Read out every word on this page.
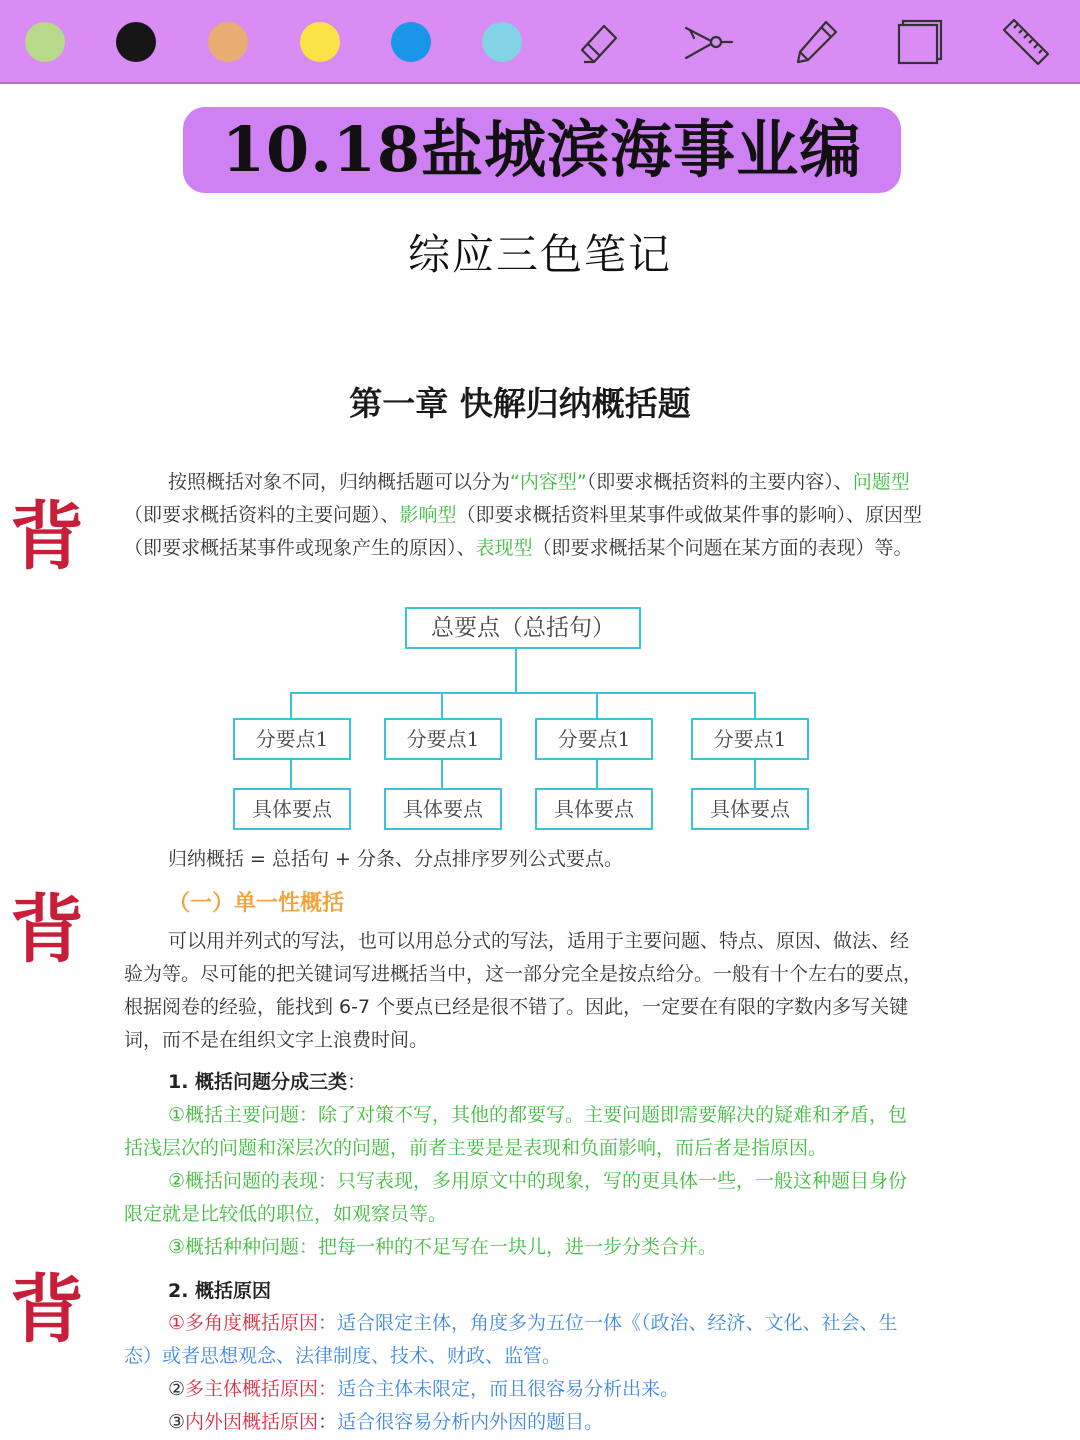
10.18盐城滨海事业编
综应三色笔记
第一章 快解归纳概括题
背
背
背
按照概括对象不同，归纳概括题可以分为“内容型”（即要求概括资料的主要内容）、问题型（即要求概括资料的主要问题）、影响型（即要求概括资料里某事件或做某件事的影响）、原因型（即要求概括某事件或现象产生的原因）、表现型（即要求概括某个问题在某方面的表现）等。
总要点（总括句）
分要点1	分要点1	分要点1	分要点1
具体要点	具体要点	具体要点	具体要点
归纳概括 = 总括句 + 分条、分点排序罗列公式要点。
（一）单一性概括
可以用并列式的写法，也可以用总分式的写法，适用于主要问题、特点、原因、做法、经验为等。尽可能的把关键词写进概括当中，这一部分完全是按点给分。一般有十个左右的要点，根据阅卷的经验，能找到 6-7 个要点已经是很不错了。因此，一定要在有限的字数内多写关键词，而不是在组织文字上浪费时间。
1. 概括问题分成三类：
①概括主要问题：除了对策不写，其他的都要写。主要问题即需要解决的疑难和矛盾，包括浅层次的问题和深层次的问题，前者主要是是表现和负面影响，而后者是指原因。
②概括问题的表现：只写表现，多用原文中的现象，写的更具体一些，一般这种题目身份限定就是比较低的职位，如观察员等。
③概括种种问题：把每一种的不足写在一块儿，进一步分类合并。
2. 概括原因
①多角度概括原因：适合限定主体，角度多为五位一体《（政治、经济、文化、社会、生态）或者思想观念、法律制度、技术、财政、监管。
②多主体概括原因：适合主体未限定，而且很容易分析出来。
③内外因概括原因：适合很容易分析内外因的题目。
